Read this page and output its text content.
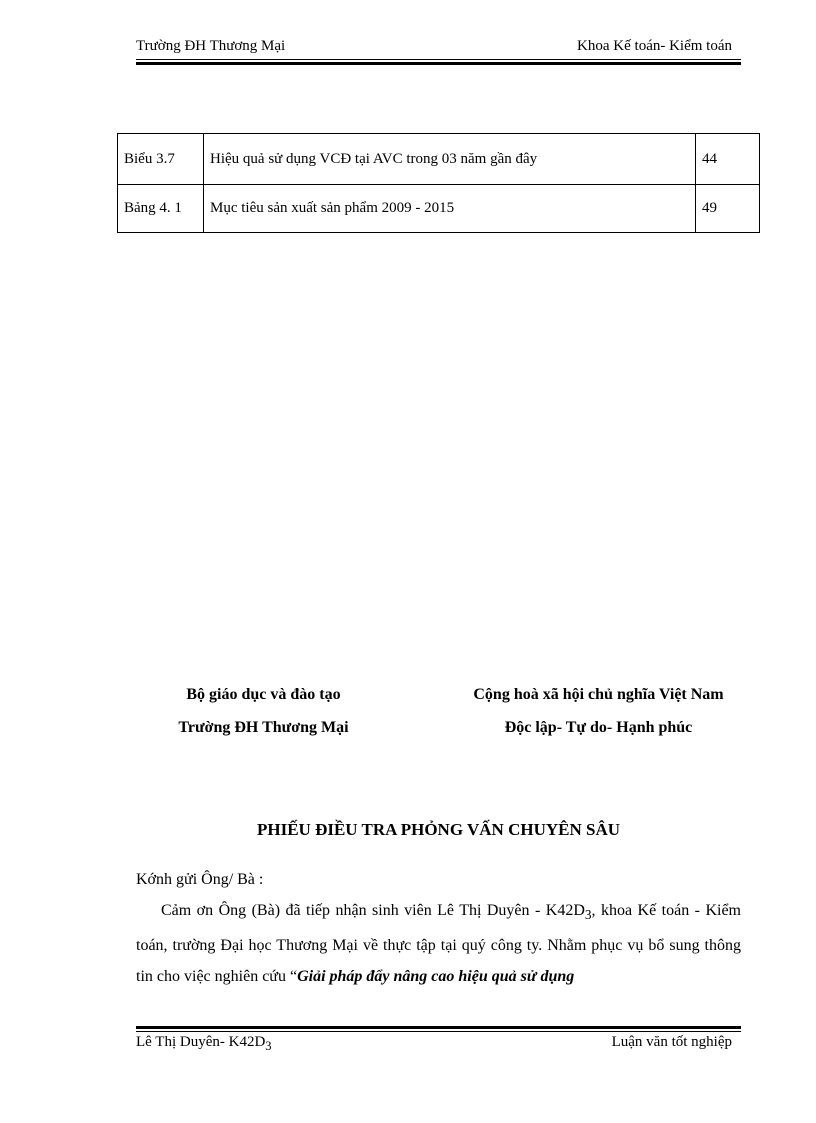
Trường ĐH Thương Mại	Khoa Kế toán- Kiểm toán
Biểu 3.7	Hiệu quả sử dụng VCĐ tại AVC trong 03 năm gần đây	44
Bảng 4. 1	Mục tiêu sản xuất sản phẩm 2009 - 2015	49
Bộ giáo dục và đào tạo
Trường ĐH Thương Mại
Cộng hoà xã hội chủ nghĩa Việt Nam
Độc lập- Tự do- Hạnh phúc
PHIẾU ĐIỀU TRA PHỎNG VẤN CHUYÊN SÂU

Kớnh gửi Ông/ Bà :

Cảm ơn Ông (Bà) đã tiếp nhận sinh viên Lê Thị Duyên - $K42D_3$, khoa Kế toán - Kiểm toán, trường Đại học Thương Mại về thực tập tại quý công ty. Nhằm phục vụ bổ sung thông tin cho việc nghiên cứu “Giải pháp đẩy nâng cao hiệu quả sử dụng

Lê Thị Duyên- $K42D_3$	Luận văn tốt nghiệp
